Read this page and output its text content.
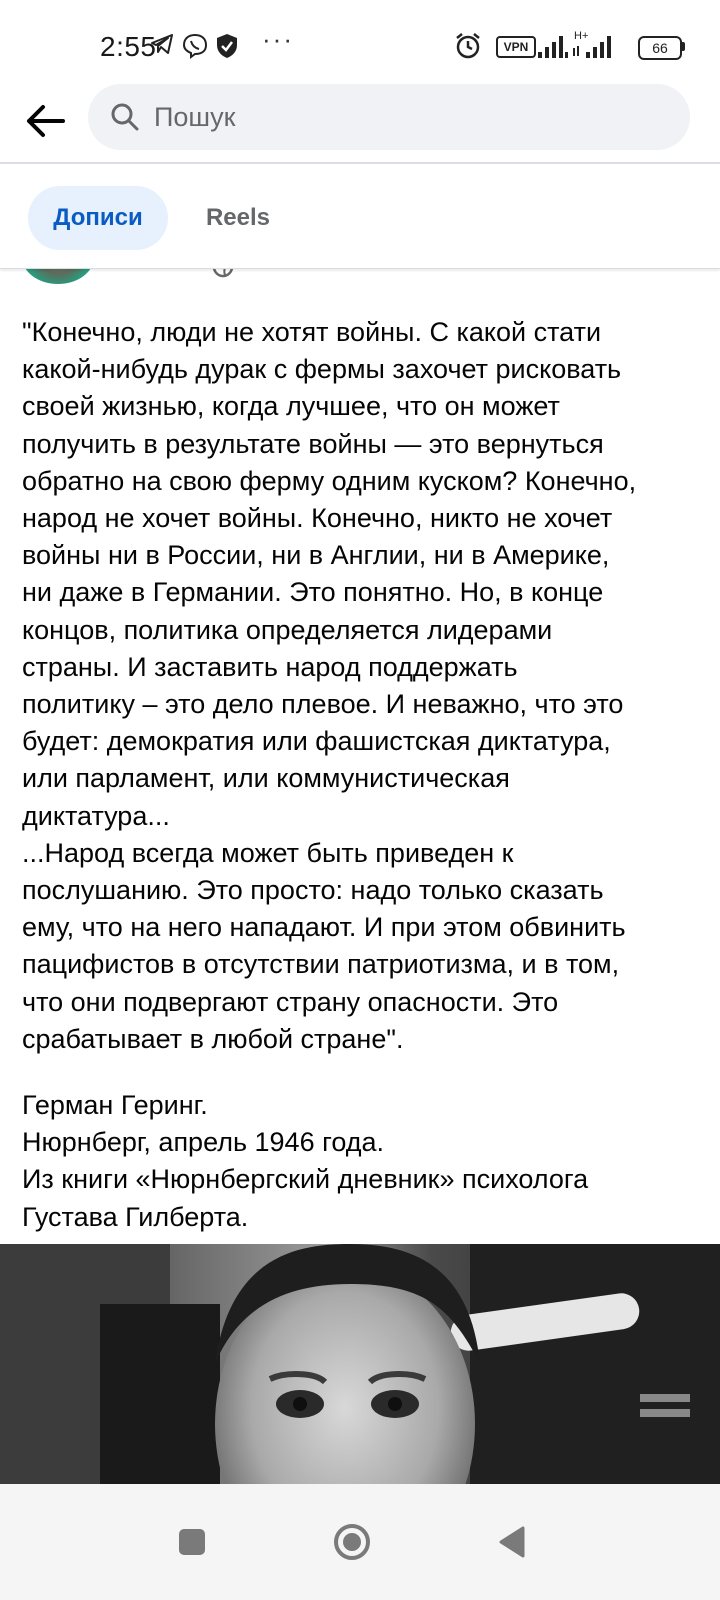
2:55	···	VPN
H+
66
Пошук
Дописи	Reels

"Конечно, люди не хотят войны. С какой стати
какой-нибудь дурак с фермы захочет рисковать
своей жизнью, когда лучшее, что он может
получить в результате войны — это вернуться
обратно на свою ферму одним куском? Конечно,
народ не хочет войны. Конечно, никто не хочет
войны ни в России, ни в Англии, ни в Америке,
ни даже в Германии. Это понятно. Но, в конце
концов, политика определяется лидерами
страны. И заставить народ поддержать
политику – это дело плевое. И неважно, что это
будет: демократия или фашистская диктатура,
или парламент, или коммунистическая
диктатура...
...Народ всегда может быть приведен к
послушанию. Это просто: надо только сказать
ему, что на него нападают. И при этом обвинить
пацифистов в отсутствии патриотизма, и в том,
что они подвергают страну опасности. Это
срабатывает в любой стране".

Герман Геринг.
Нюрнберг, апрель 1946 года.
Из книги «Нюрнбергский дневник» психолога
Густава Гилберта.
